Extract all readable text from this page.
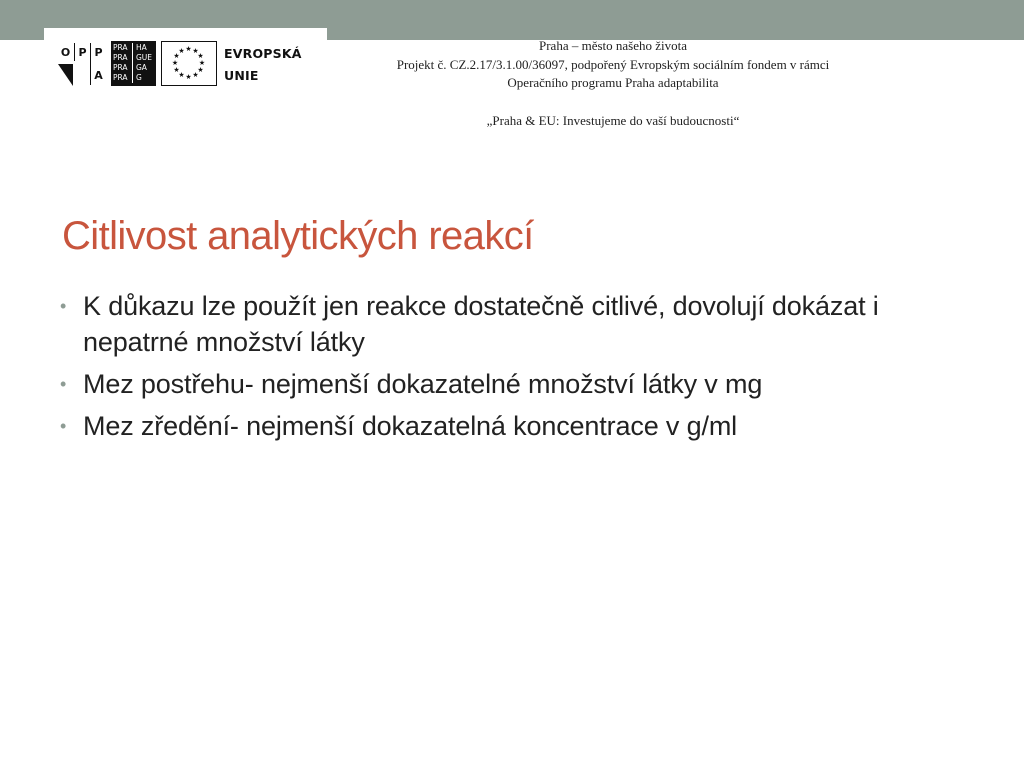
O P P
A
PRA	HA
PRA	GUE
PRA	GA
PRA	G
★ ★
★
★
★
★
★
★
★
★
★
★	EVROPSKÁ
UNIE
Praha – město našeho života
Projekt č. CZ.2.17/3.1.00/36097, podpořený Evropským sociálním fondem v rámci
Operačního programu Praha adaptabilita
„Praha & EU: Investujeme do vaší budoucnosti“
Citlivost analytických reakcí
• K důkazu lze použít jen reakce dostatečně citlivé, dovolují dokázat i nepatrné množství látky
• Mez postřehu- nejmenší dokazatelné množství látky v mg
• Mez zředění- nejmenší dokazatelná koncentrace v g/ml
